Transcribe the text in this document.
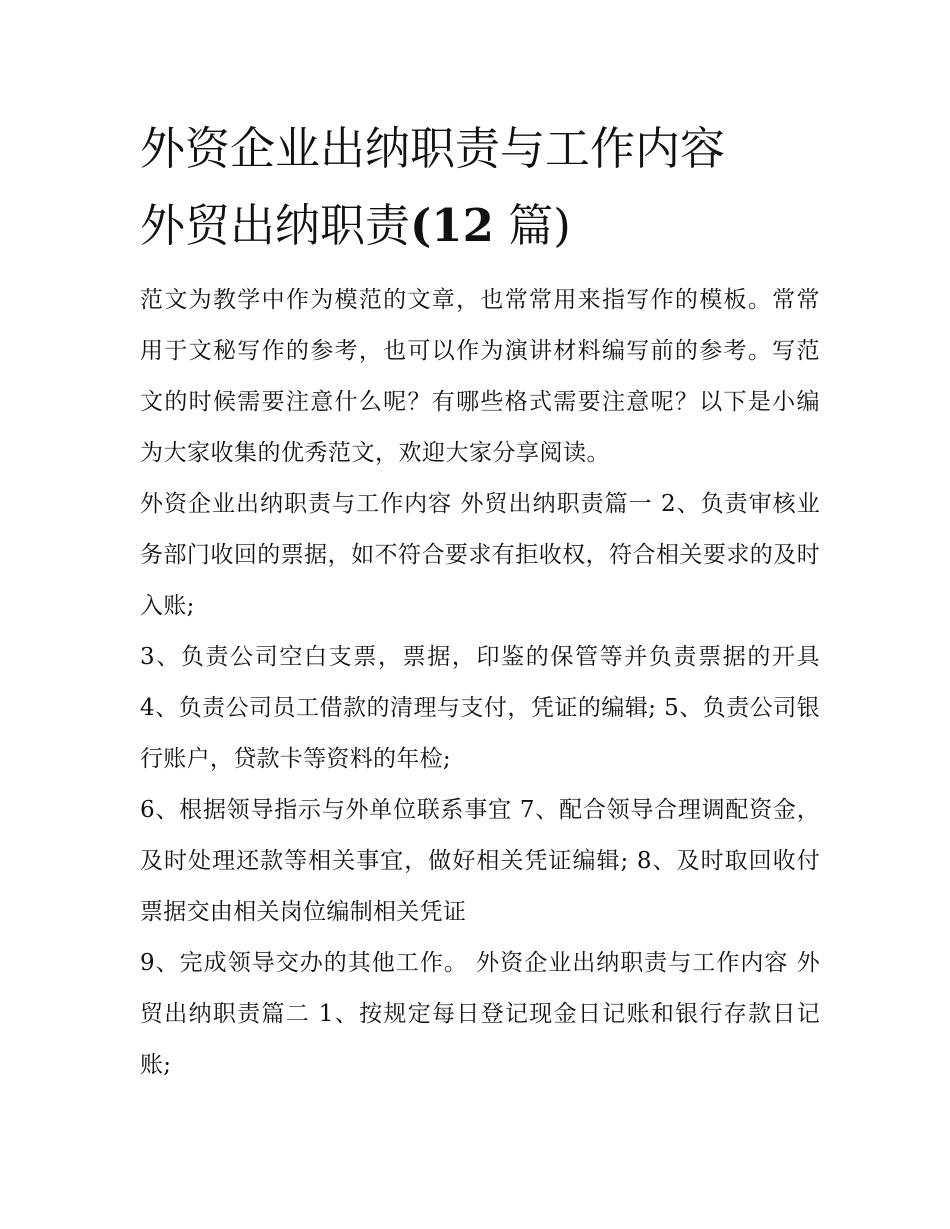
外资企业出纳职责与工作内容
外贸出纳职责(12 篇)

范文为教学中作为模范的文章，也常常用来指写作的模板。常常用于文秘写作的参考，也可以作为演讲材料编写前的参考。写范文的时候需要注意什么呢？有哪些格式需要注意呢？以下是小编为大家收集的优秀范文，欢迎大家分享阅读。

外资企业出纳职责与工作内容 外贸出纳职责篇一 2、负责审核业务部门收回的票据，如不符合要求有拒收权，符合相关要求的及时入账;

3、负责公司空白支票，票据，印鉴的保管等并负责票据的开具 4、负责公司员工借款的清理与支付，凭证的编辑; 5、负责公司银行账户，贷款卡等资料的年检;

6、根据领导指示与外单位联系事宜 7、配合领导合理调配资金，及时处理还款等相关事宜，做好相关凭证编辑; 8、及时取回收付票据交由相关岗位编制相关凭证

9、完成领导交办的其他工作。 外资企业出纳职责与工作内容 外贸出纳职责篇二 1、按规定每日登记现金日记账和银行存款日记账;
